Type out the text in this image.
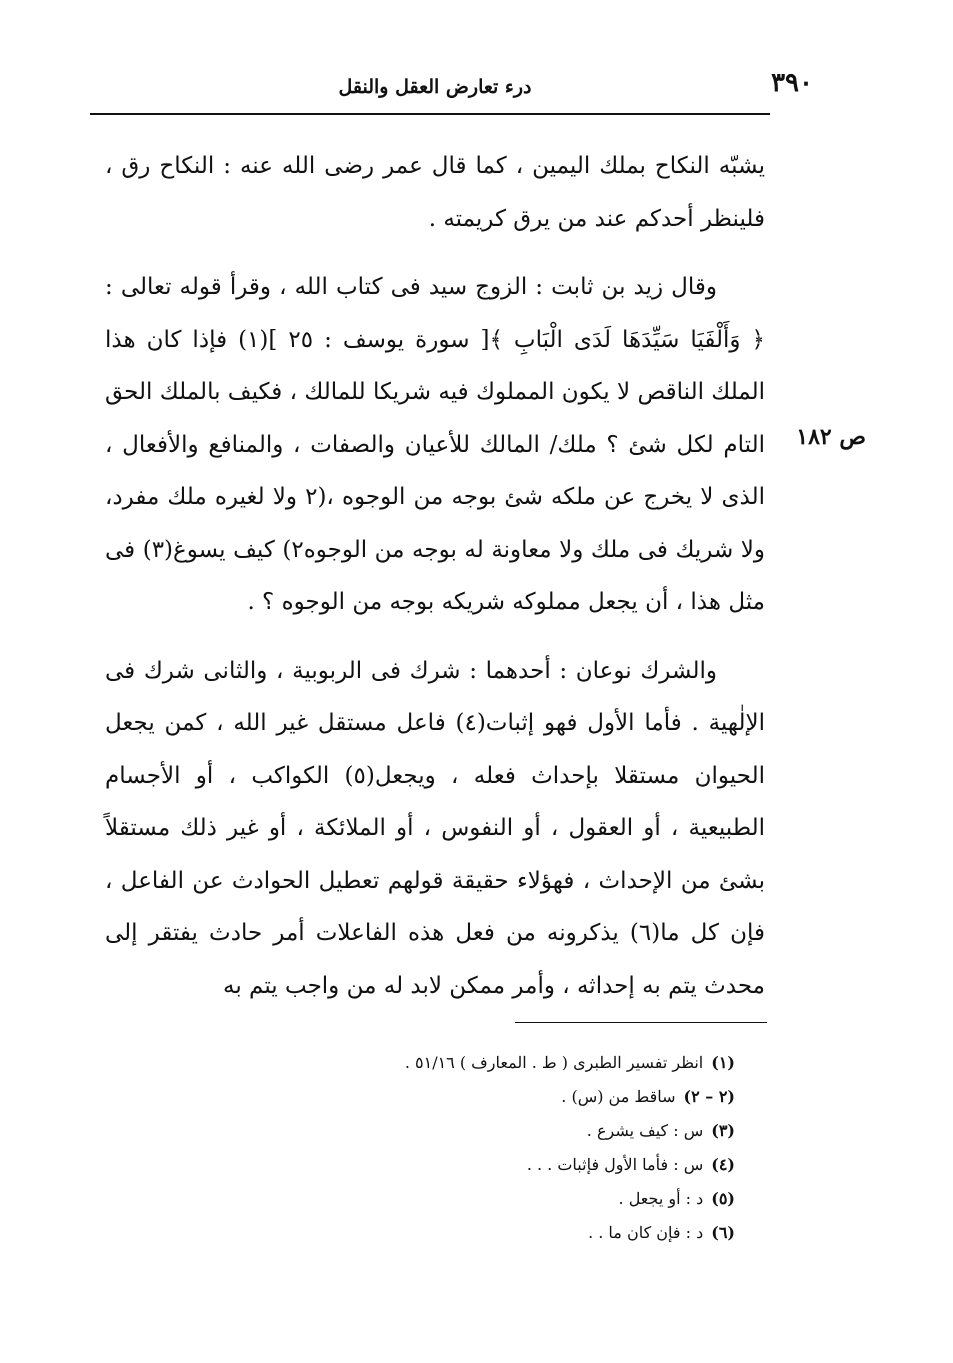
٣٩٠
درء تعارض العقل والنقل
ص ١٨٢

يشبّه النكاح بملك اليمين ، كما قال عمر رضى الله عنه : النكاح رق ، فلينظر أحدكم عند من يرق كريمته .

وقال زيد بن ثابت : الزوج سيد فى كتاب الله ، وقرأ قوله تعالى : ﴿ وَأَلْفَيَا سَيِّدَهَا لَدَى الْبَابِ ﴾[ سورة يوسف : ٢٥ ](١) فإذا كان هذا الملك الناقص لا يكون المملوك فيه شريكا للمالك ، فكيف بالملك الحق التام لكل شئ ؟ ملك/ المالك للأعيان والصفات ، والمنافع والأفعال ، الذى لا يخرج عن ملكه شئ بوجه من الوجوه ،(٢ ولا لغيره ملك مفرد، ولا شريك فى ملك ولا معاونة له بوجه من الوجوه٢) كيف يسوغ(٣) فى مثل هذا ، أن يجعل مملوكه شريكه بوجه من الوجوه ؟ .

والشرك نوعان : أحدهما : شرك فى الربوبية ، والثانى شرك فى الإلٰهية . فأما الأول فهو إثبات(٤) فاعل مستقل غير الله ، كمن يجعل الحيوان مستقلا بإحداث فعله ، ويجعل(٥) الكواكب ، أو الأجسام الطبيعية ، أو العقول ، أو النفوس ، أو الملائكة ، أو غير ذلك مستقلاً بشئ من الإحداث ، فهؤلاء حقيقة قولهم تعطيل الحوادث عن الفاعل ، فإن كل ما(٦) يذكرونه من فعل هذه الفاعلات أمر حادث يفتقر إلى محدث يتم به إحداثه ، وأمر ممكن لابد له من واجب يتم به

(١)انظر تفسير الطبرى ( ط . المعارف ) ٥١/١٦ .
(٢ – ٢)ساقط من (س) .
(٣)س : كيف يشرع .
(٤)س : فأما الأول فإثبات . . .
(٥)د : أو يجعل .
(٦)د : فإن كان ما . .
